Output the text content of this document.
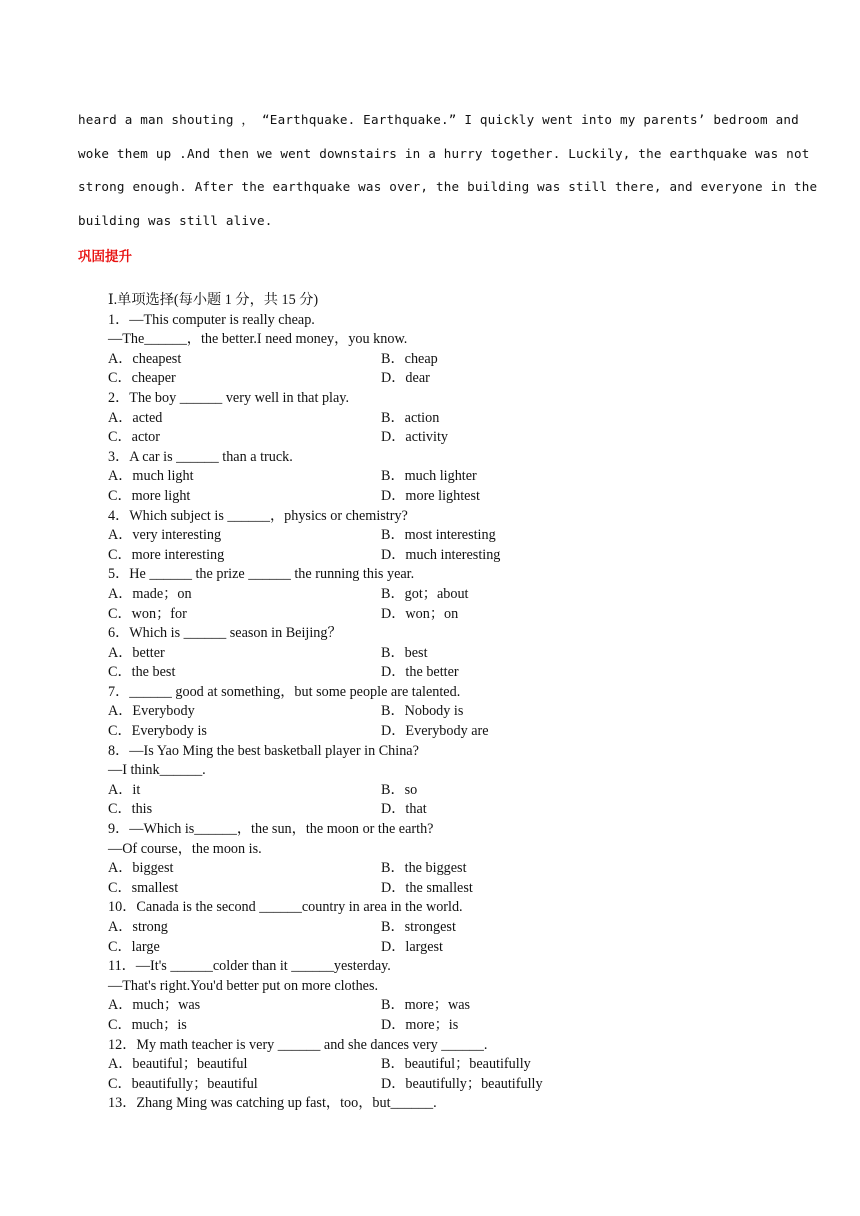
heard a man shouting ， “Earthquake. Earthquake.” I quickly went into my parents’ bedroom and
woke them up .And then we went downstairs in a hurry together. Luckily, the earthquake was not
strong enough. After the earthquake was over, the building was still there, and everyone in the
building was still alive.
巩固提升
Ⅰ.单项选择(每小题 1 分，共 15 分)
1．—This computer is really cheap.
—The______，the better.I need money，you know.
A．cheapest	B．cheap
C．cheaper	D．dear
2．The boy ______ very well in that play.
A．acted	B．action
C．actor	D．activity
3．A car is ______ than a truck.
A．much light	B．much lighter
C．more light	D．more lightest
4．Which subject is ______，physics or chemistry?
A．very interesting	B．most interesting
C．more interesting	D．much interesting
5．He ______ the prize ______ the running this year.
A．made；on	B．got；about
C．won；for	D．won；on
6．Which is ______ season in Beijing？
A．better	B．best
C．the best	D．the better
7．______ good at something，but some people are talented.
A．Everybody	B．Nobody is
C．Everybody is	D．Everybody are
8．—Is Yao Ming the best basketball player in China?
—I think______.
A．it	B．so
C．this	D．that
9．—Which is______，the sun，the moon or the earth?
—Of course，the moon is.
A．biggest	B．the biggest
C．smallest	D．the smallest
10．Canada is the second ______country in area in the world.
A．strong	B．strongest
C．large	D．largest
11．—It's ______colder than it ______yesterday.
—That's right.You'd better put on more clothes.
A．much；was	B．more；was
C．much；is	D．more；is
12．My math teacher is very ______ and she dances very ______.
A．beautiful；beautiful	B．beautiful；beautifully
C．beautifully；beautiful	D．beautifully；beautifully
13．Zhang Ming was catching up fast，too，but______.
